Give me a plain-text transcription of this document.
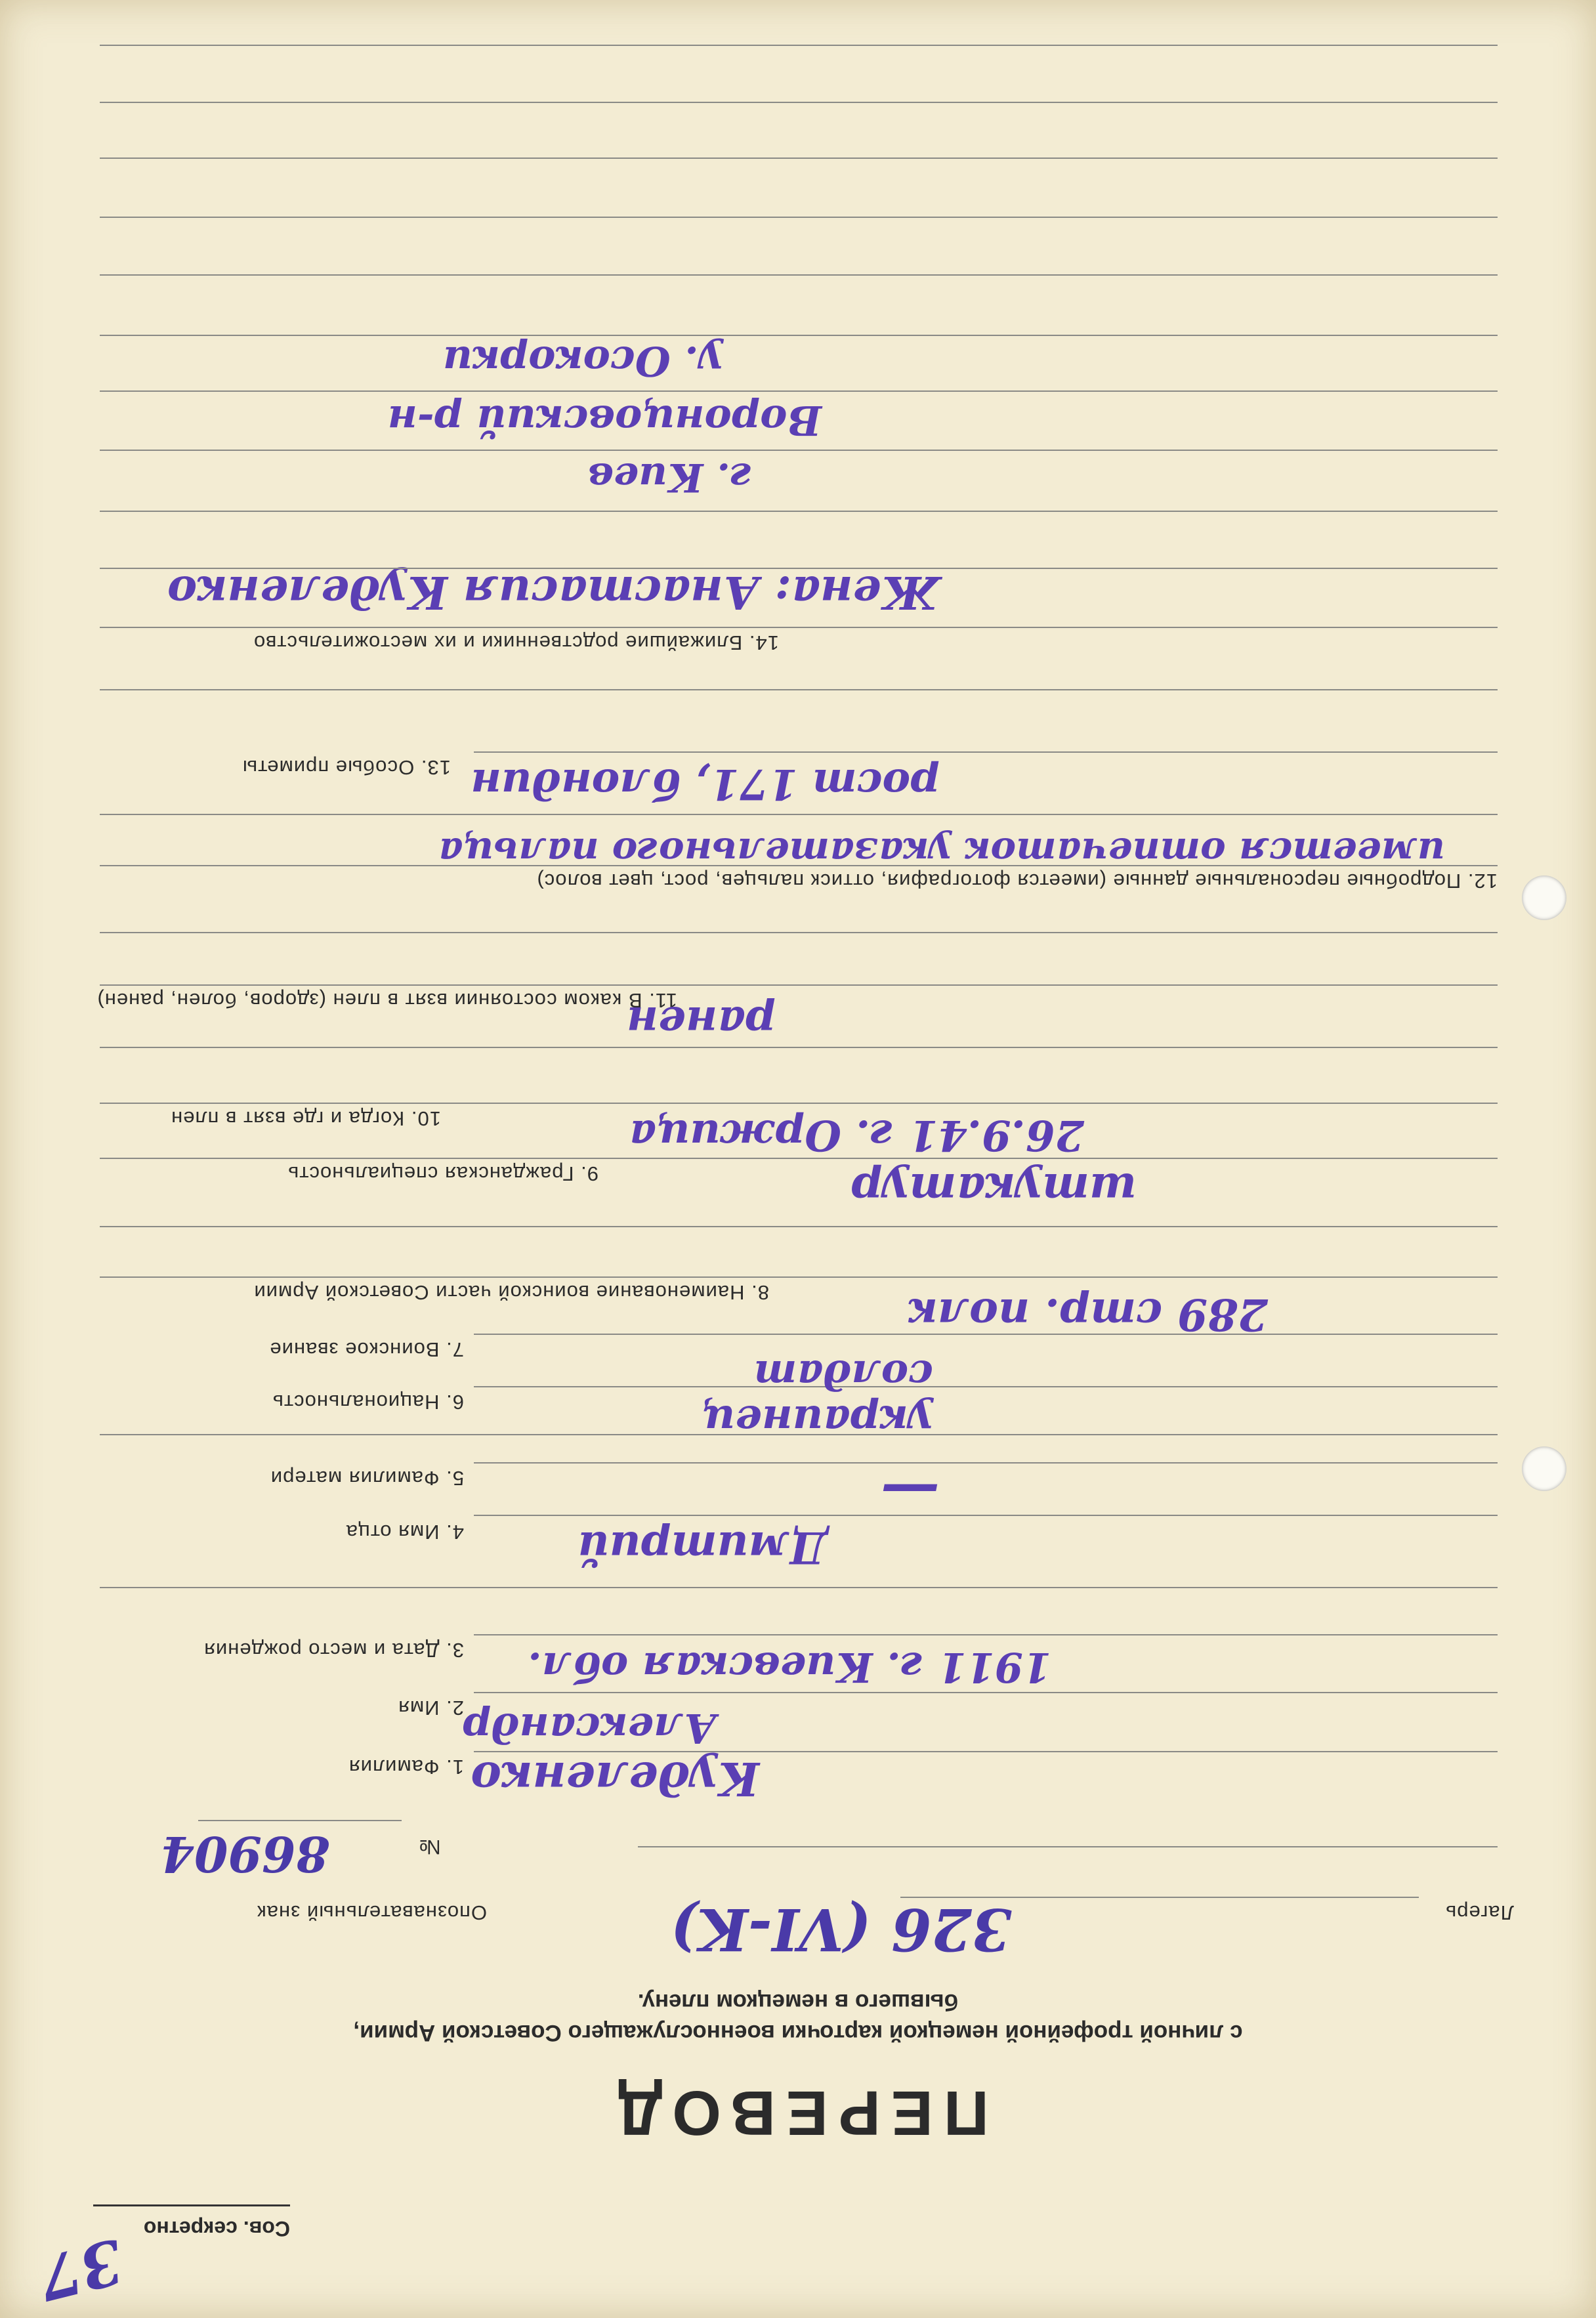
37 Сов. секретно
ПЕРЕВОД
с личной трофейной немецкой карточки военнослужащего Советской Армии,
бывшего в немецком плену.
Лагерь
326 (VI-K)
Опознавательный знак
№
86904
1. Фамилия Куделенко
2. Имя
Александр
3. Дата и место рождения 1911 г. Киевская обл.
4. Имя отца	Дмитрий
5. Фамилия матери	—
6. Национальность	украинец
7. Воинское звание
солдат
8. Наименование воинской части Советской Армии	289 стр. полк
9. Гражданская специальность	штукатур
10. Когда и где взят в плен	26.9.41 г. Оржица
11. В каком состоянии взят в плен (здоров, болен, ранен)
ранен
12. Подробные персональные данные (имеется фотография, оттиск пальцев, рост, цвет волос)
имеется отпечаток указательного пальца
13. Особые приметы рост 171, блондин
14. Ближайшие родственники и их местожительство
Жена: Анастасия Куделенко
г. Киев
Воронцовский р-н
у. Осокорки
